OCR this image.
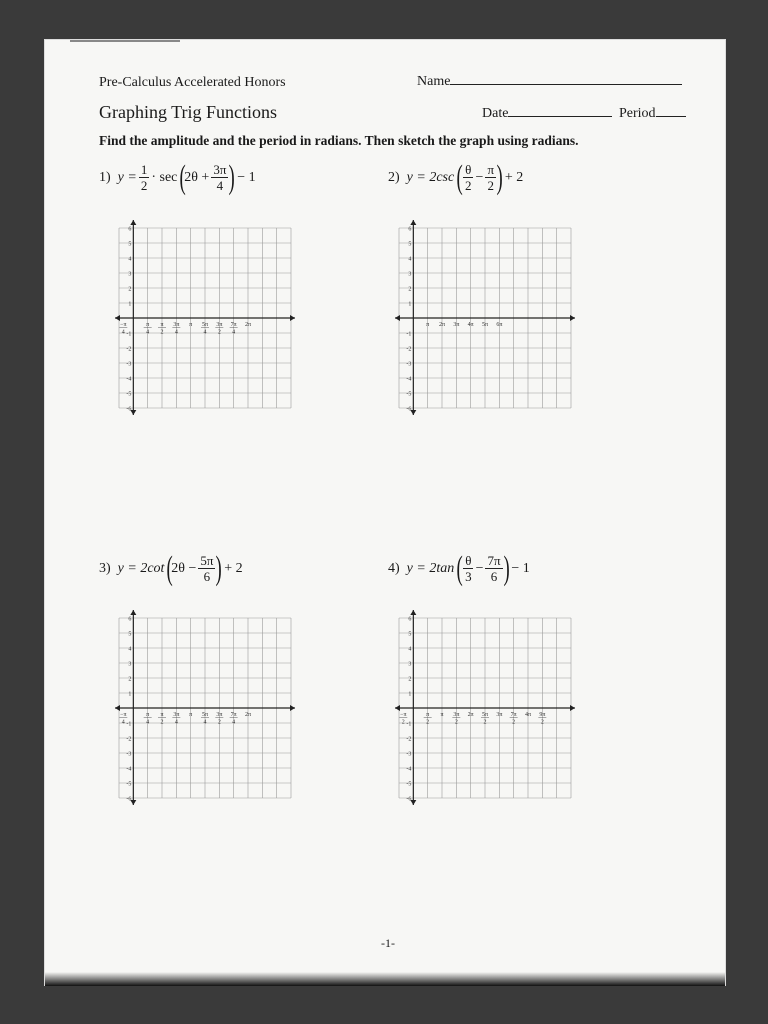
Pre-Calculus Accelerated Honors	Name
Graphing Trig Functions	Date	Period
Find the amplitude and the period in radians. Then sketch the graph using radians.
1)
$y = \frac{1}{2} \cdot \sec$
(
$2\theta + \frac{3\pi}{4}$ )
− 1	2)
y = 2csc
( $\frac{\theta}{2} - \frac{\pi}{2}$ )
+ 2
3)
y = 2cot
(
$2\theta - \frac{5\pi}{6}$ )
+ 2	4)
y = 2tan
( $\frac{\theta}{3} - \frac{7\pi}{6}$ )
− 1
6
5
4
3
2
1
-1
-2
-3
-4
-5
-6
−π
4
π
4
π
2
3π
4
π 5π
4
3π
2
7π
4
2π
6
5
4
3
2
1
-1
-2
-3
-4
-5
-6
π 2π 3π 4π 5π 6π
6
5
4
3
2
1
-1
-2
-3
-4
-5
-6
−π
4
π
4
π
2
3π
4
π 5π
4
3π
2
7π
4
2π
6
5
4
3
2
1
-1
-2
-3
-4
-5
-6
−π
2
π
2
π 3π
2
2π 5π
2
3π 7π
2
4π 9π
2
-1-
